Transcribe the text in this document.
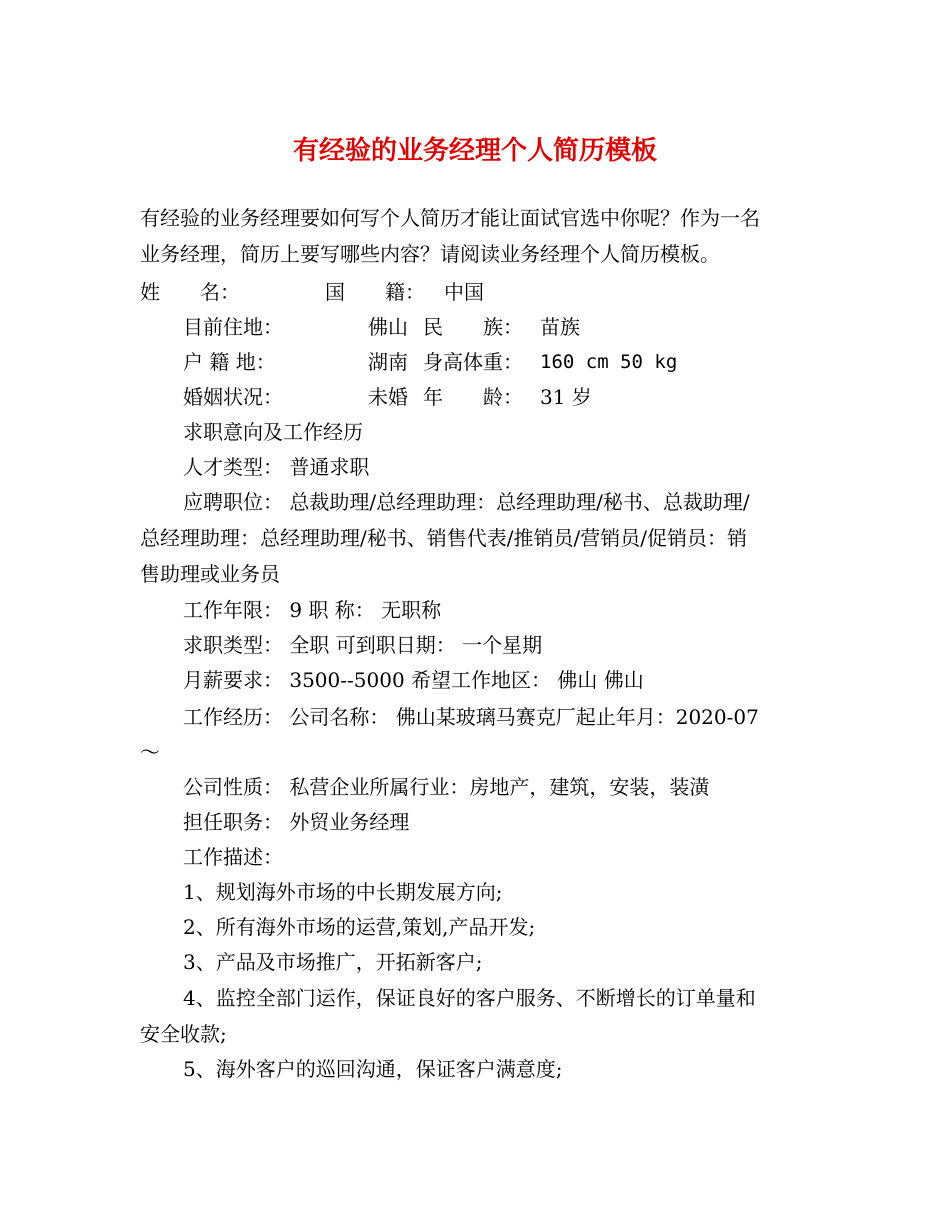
有经验的业务经理个人简历模板
有经验的业务经理要如何写个人简历才能让面试官选中你呢？作为一名
业务经理，简历上要写哪些内容？请阅读业务经理个人简历模板。
姓　　名：	国　　籍： 中国
目前住地：	佛山 民　　族： 苗族
户 籍 地：	湖南 身高体重： 160 cm 50 kg
婚姻状况：	未婚 年　　龄： 31 岁
求职意向及工作经历
人才类型： 普通求职
应聘职位： 总裁助理/总经理助理：总经理助理/秘书、总裁助理/
总经理助理：总经理助理/秘书、销售代表/推销员/营销员/促销员：销
售助理或业务员
工作年限： 9 职 称： 无职称
求职类型： 全职 可到职日期： 一个星期
月薪要求： 3500--5000 希望工作地区： 佛山 佛山
工作经历： 公司名称： 佛山某玻璃马赛克厂起止年月：2020-07
～
公司性质： 私营企业所属行业：房地产，建筑，安装，装潢
担任职务： 外贸业务经理
工作描述：
1、规划海外市场的中长期发展方向;
2、所有海外市场的运营,策划,产品开发;
3、产品及市场推广，开拓新客户;
4、监控全部门运作，保证良好的客户服务、不断增长的订单量和
安全收款;
5、海外客户的巡回沟通，保证客户满意度;
